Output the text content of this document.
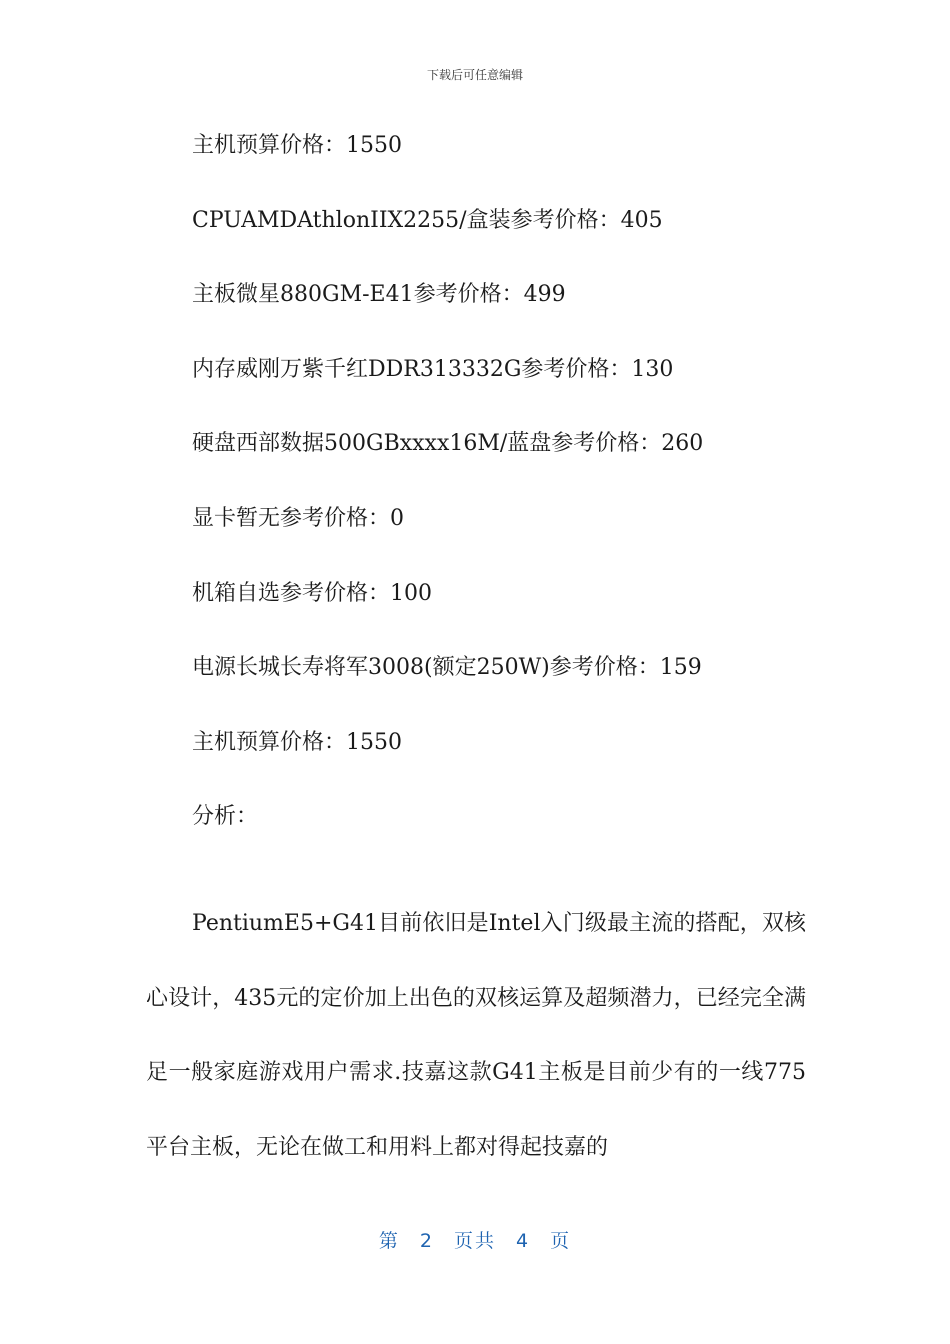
下载后可任意编辑
主机预算价格：1550
CPUAMDAthlonIIX2255/盒装参考价格：405
主板微星880GM-E41参考价格：499
内存威刚万紫千红DDR313332G参考价格：130
硬盘西部数据500GBxxxx16M/蓝盘参考价格：260
显卡暂无参考价格：0
机箱自选参考价格：100
电源长城长寿将军3008(额定250W)参考价格：159
主机预算价格：1550
分析：

PentiumE5+G41目前依旧是Intel入门级最主流的搭配，双核心设计，435元的定价加上出色的双核运算及超频潜力，已经完全满足一般家庭游戏用户需求.技嘉这款G41主板是目前少有的一线775平台主板，无论在做工和用料上都对得起技嘉的

第 2 页共 4 页
